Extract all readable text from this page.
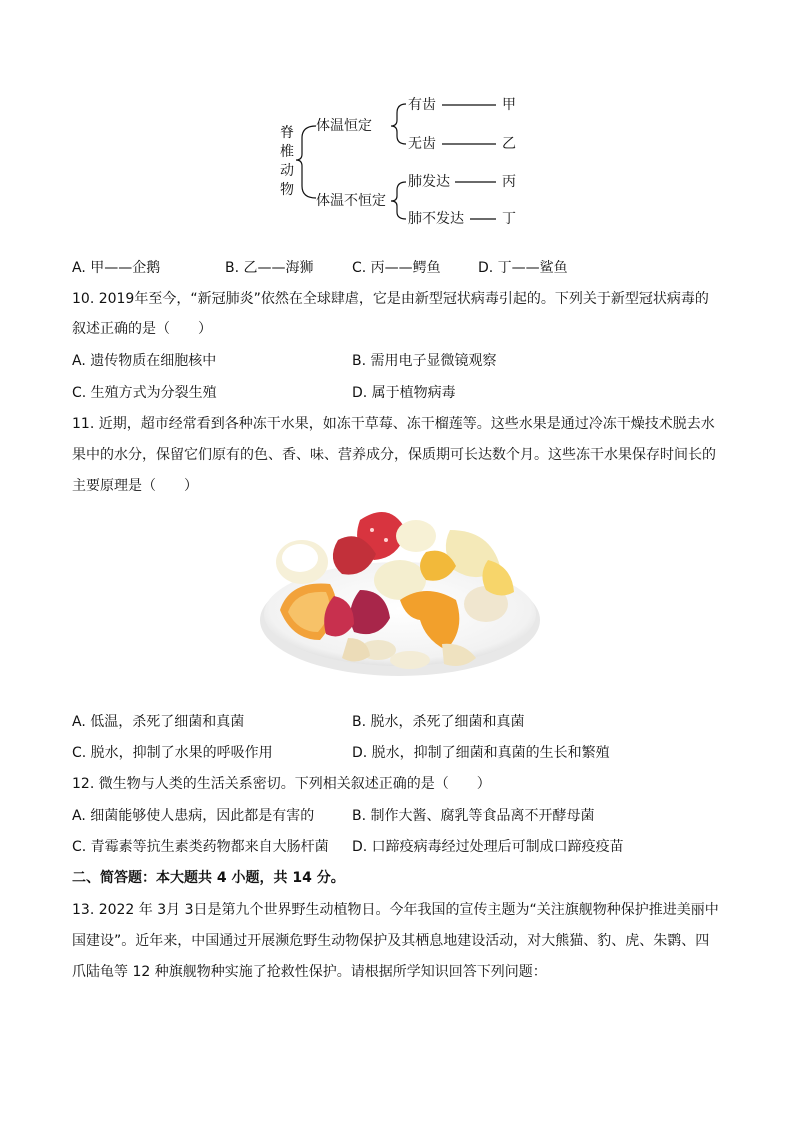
脊
椎
动
物
体温恒定
体温不恒定
有齿
无齿
肺发达
肺不发达
甲
乙
丙
丁
A. 甲——企鹅	B. 乙——海狮	C. 丙——鳄鱼	D. 丁——鲨鱼
10. 2019年至今，“新冠肺炎”依然在全球肆虐，它是由新型冠状病毒引起的。下列关于新型冠状病毒的
叙述正确的是（　　）
A. 遗传物质在细胞核中	B. 需用电子显微镜观察
C. 生殖方式为分裂生殖	D. 属于植物病毒
11. 近期，超市经常看到各种冻干水果，如冻干草莓、冻干榴莲等。这些水果是通过冷冻干燥技术脱去水
果中的水分，保留它们原有的色、香、味、营养成分，保质期可长达数个月。这些冻干水果保存时间长的
主要原理是（　　）
A. 低温，杀死了细菌和真菌	B. 脱水，杀死了细菌和真菌
C. 脱水，抑制了水果的呼吸作用	D. 脱水，抑制了细菌和真菌的生长和繁殖
12. 微生物与人类的生活关系密切。下列相关叙述正确的是（　　）
A. 细菌能够使人患病，因此都是有害的	B. 制作大酱、腐乳等食品离不开酵母菌
C. 青霉素等抗生素类药物都来自大肠杆菌 D. 口蹄疫病毒经过处理后可制成口蹄疫疫苗
二、简答题：本大题共 4 小题，共 14 分。
13. 2022 年 3月 3日是第九个世界野生动植物日。今年我国的宣传主题为“关注旗舰物种保护推进美丽中
国建设”。近年来，中国通过开展濒危野生动物保护及其栖息地建设活动，对大熊猫、豹、虎、朱鹮、四
爪陆龟等 12 种旗舰物种实施了抢救性保护。请根据所学知识回答下列问题：
